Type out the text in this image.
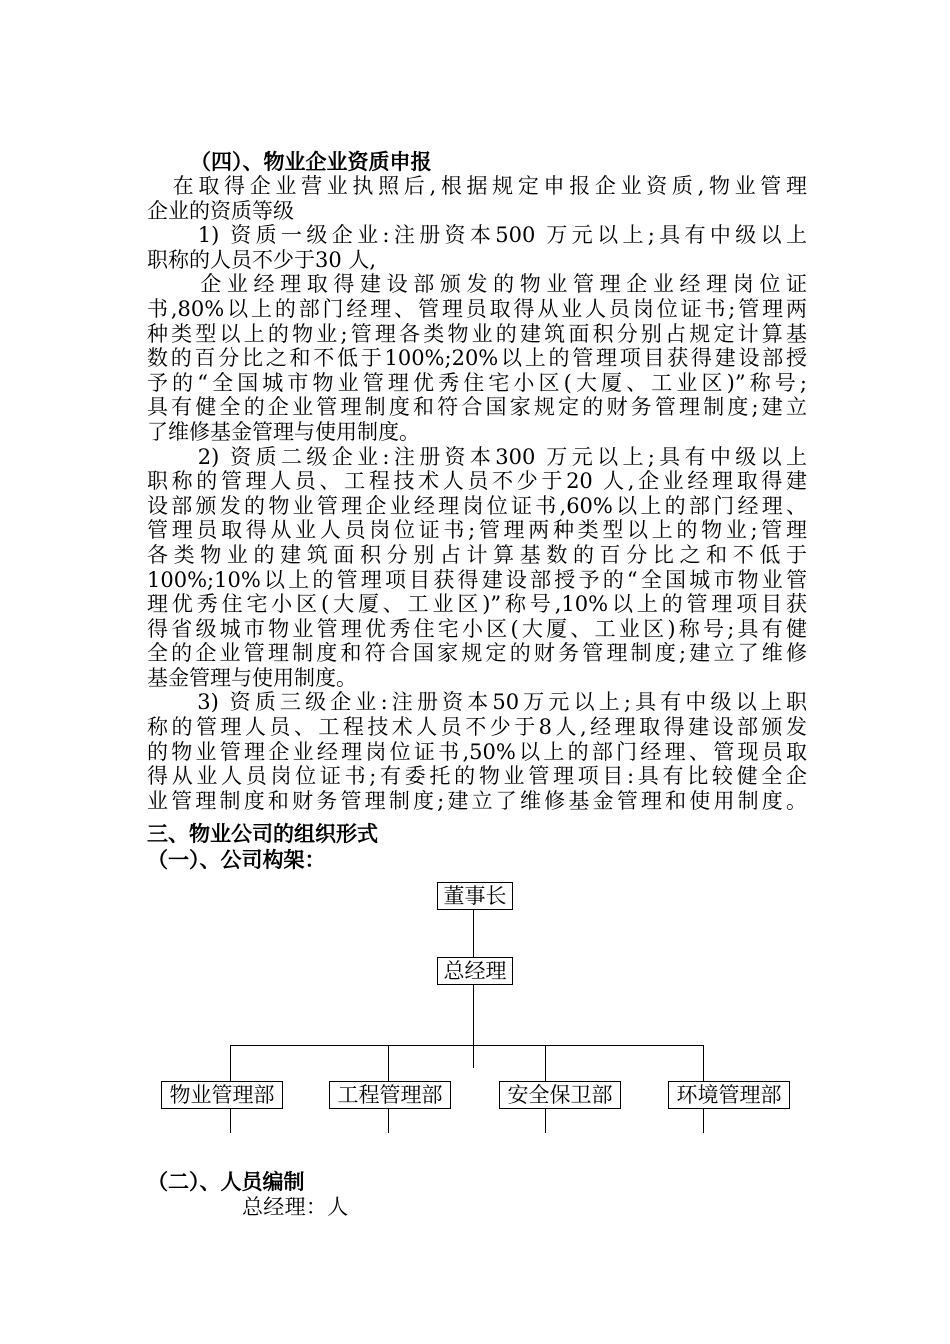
（四）、物业企业资质申报
　在取得企业营业执照后,根据规定申报企业资质,物业管理
企业的资质等级
　　1) 资质一级企业:注册资本500 万元以上;具有中级以上
职称的人员不少于30 人,
　　企业经理取得建设部颁发的物业管理企业经理岗位证
书,80%以上的部门经理、管理员取得从业人员岗位证书;管理两
种类型以上的物业;管理各类物业的建筑面积分别占规定计算基
数的百分比之和不低于100%;20%以上的管理项目获得建设部授
予的“全国城市物业管理优秀住宅小区(大厦、工业区)”称号;
具有健全的企业管理制度和符合国家规定的财务管理制度;建立
了维修基金管理与使用制度。
　　2) 资质二级企业:注册资本300 万元以上;具有中级以上
职称的管理人员、工程技术人员不少于20 人,企业经理取得建
设部颁发的物业管理企业经理岗位证书,60%以上的部门经理、
管理员取得从业人员岗位证书;管理两种类型以上的物业;管理
各类物业的建筑面积分别占计算基数的百分比之和不低于
100%;10%以上的管理项目获得建设部授予的“全国城市物业管
理优秀住宅小区(大厦、工业区)”称号,10%以上的管理项目获
得省级城市物业管理优秀住宅小区(大厦、工业区)称号;具有健
全的企业管理制度和符合国家规定的财务管理制度;建立了维修
基金管理与使用制度。
　　3) 资质三级企业:注册资本50万元以上;具有中级以上职
称的管理人员、工程技术人员不少于8人,经理取得建设部颁发
的物业管理企业经理岗位证书,50%以上的部门经理、管现员取
得从业人员岗位证书;有委托的物业管理项目:具有比较健全企
业管理制度和财务管理制度;建立了维修基金管理和使用制度。
三、物业公司的组织形式
（一）、公司构架：
董事长
总经理
物业管理部	工程管理部	安全保卫部	环境管理部
（二）、人员编制
总经理：人
